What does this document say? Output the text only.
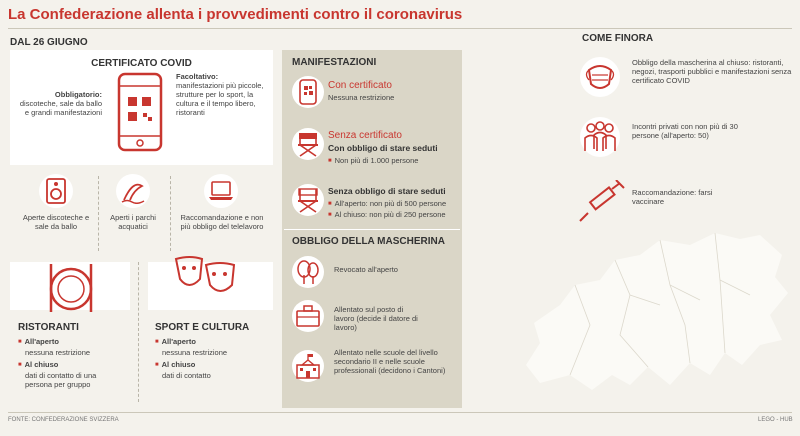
La Confederazione allenta i provvedimenti contro il coronavirus
DAL 26 GIUGNO
CERTIFICATO COVID
Obbligatorio: discoteche, sale da ballo e grandi manifestazioni
Facoltativo:
manifestazioni più piccole, strutture per lo sport, la cultura e il tempo libero, ristoranti
Aperte discoteche e sale da ballo
Aperti i parchi acquatici
Raccomandazione e non più obbligo del telelavoro
RISTORANTI
■ All'aperto
nessuna restrizione
■ Al chiuso
dati di contatto di una persona per gruppo
SPORT E CULTURA
■ All'aperto
nessuna restrizione
■ Al chiuso
dati di contatto
MANIFESTAZIONI
Con certificato
Nessuna restrizione
Senza certificato
Con obbligo di stare seduti
■ Non più di 1.000 persone
Senza obbligo di stare seduti
■ All'aperto: non più di 500 persone
■ Al chiuso: non più di 250 persone
OBBLIGO DELLA MASCHERINA
Revocato all'aperto
Allentato sul posto di lavoro (decide il datore di lavoro)
Allentato nelle scuole del livello secondario II e nelle scuole professionali (decidono i Cantoni)
COME FINORA
Obbligo della mascherina al chiuso: ristoranti, negozi, trasporti pubblici e manifestazioni senza certificato COVID
Incontri privati con non più di 30 persone (all'aperto: 50)
Raccomandazione: farsi vaccinare
FONTE: CONFEDERAZIONE SVIZZERA	LEGO - HUB
